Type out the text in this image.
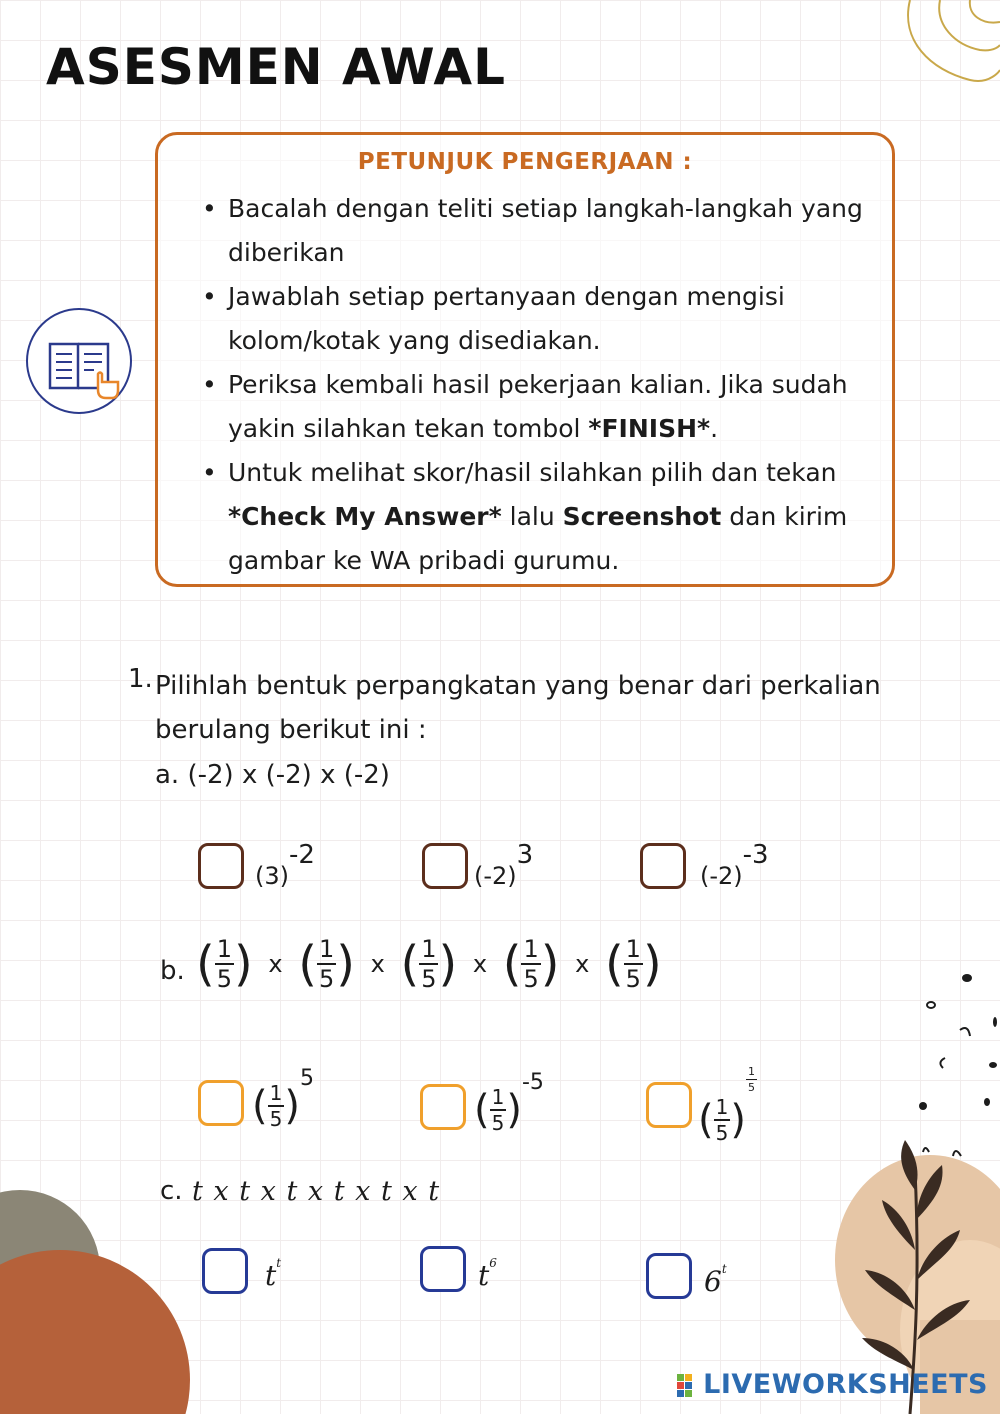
ASESMEN AWAL
PETUNJUK PENGERJAAN :
• Bacalah dengan teliti setiap langkah-langkah yang diberikan
• Jawablah setiap pertanyaan dengan mengisi kolom/kotak yang disediakan.
• Periksa kembali hasil pekerjaan kalian. Jika sudah yakin silahkan tekan tombol *FINISH*.
• Untuk melihat skor/hasil silahkan pilih dan tekan *Check My Answer* lalu Screenshot dan kirim gambar ke WA pribadi gurumu.
1. Pilihlah bentuk perpangkatan yang benar dari perkalian berulang berikut ini :
a. (-2) x (-2) x (-2)
$(3)^{-2}$
$(-2)^3$
$(-2)^{-3}$
b. ( $\frac{1}{5}$ ) x ( $\frac{1}{5}$ ) x ( $\frac{1}{5}$ ) x ( $\frac{1}{5}$ ) x ( $\frac{1}{5}$ )
( $\frac{1}{5} )^5$
( $\frac{1}{5} )^{-5}$
( $\frac{1}{5}$ )
$\frac{1}{5}$
c. t x t x t x t x t x t
$t^t$	$t^6$
6$^t$
LIVEWORKSHEETS
